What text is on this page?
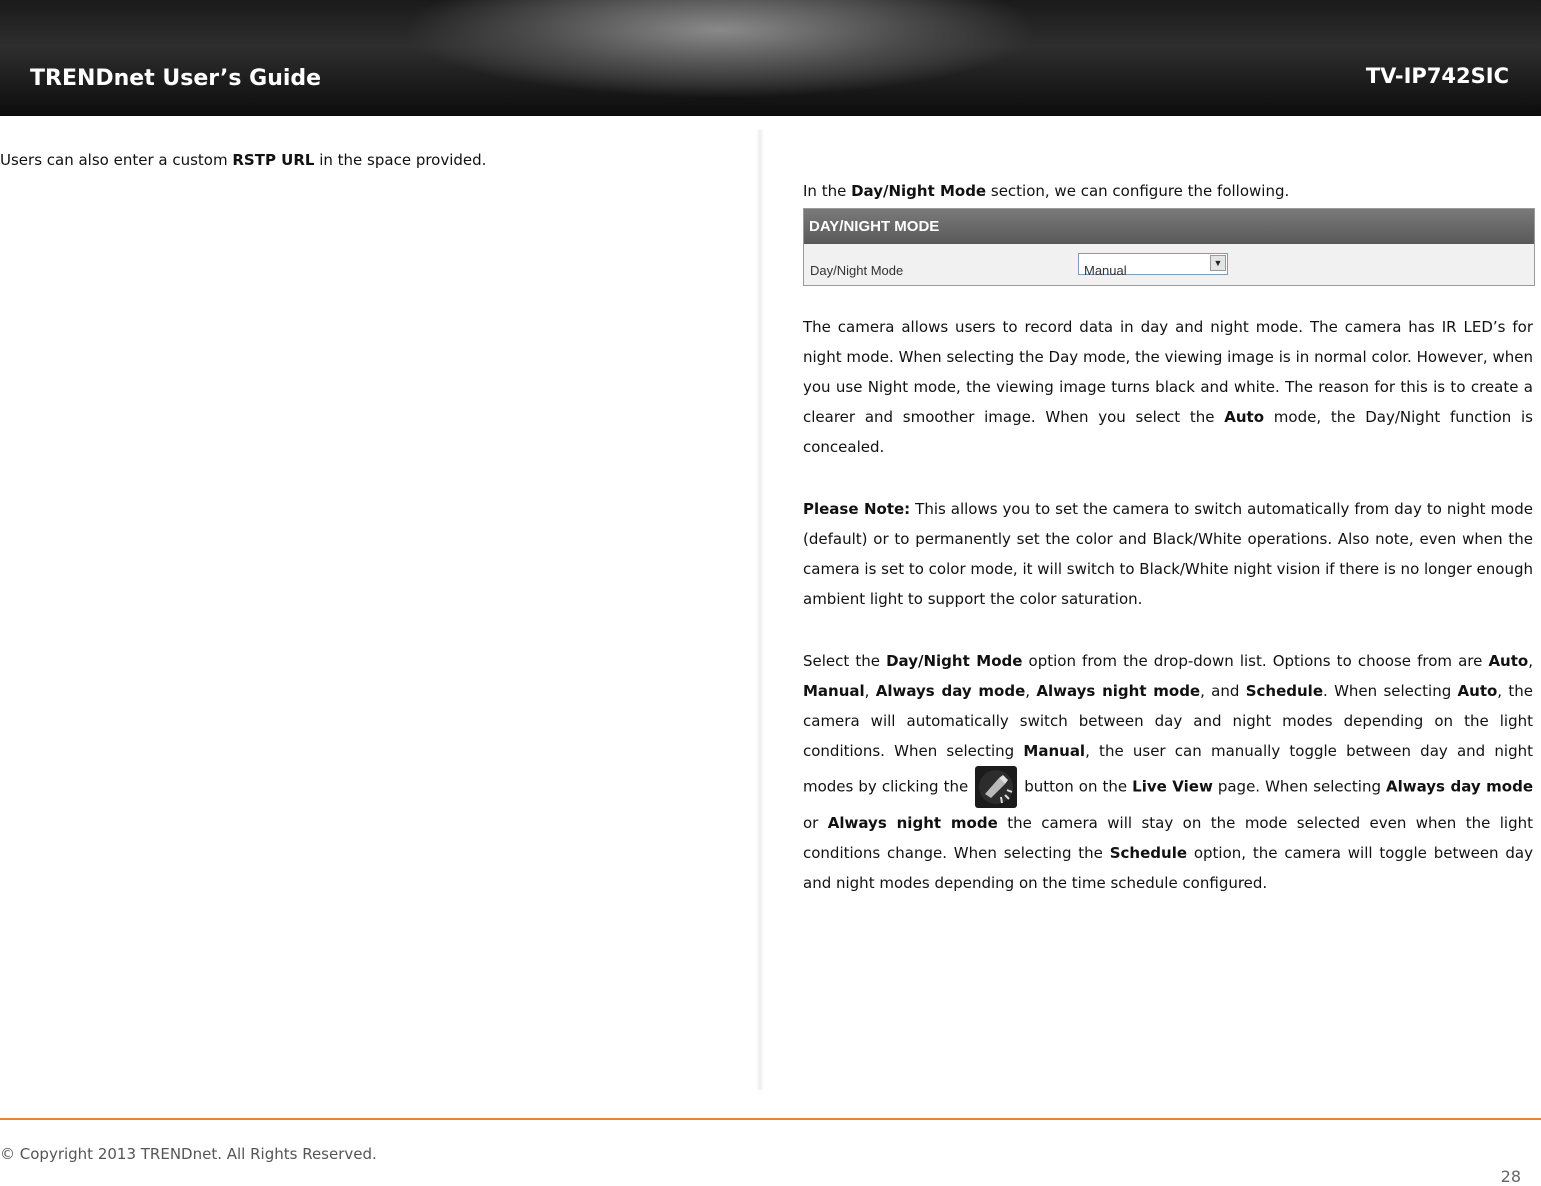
TRENDnet User’s Guide	TV-IP742SIC
Users can also enter a custom RSTP URL in the space provided.

In the Day/Night Mode section, we can configure the following.

DAY/NIGHT MODE
Day/Night Mode	Manual	▼

The camera allows users to record data in day and night mode. The camera has IR LED’s for night mode. When selecting the Day mode, the viewing image is in normal color. However, when you use Night mode, the viewing image turns black and white. The reason for this is to create a clearer and smoother image. When you select the Auto mode, the Day/Night function is concealed.

Please Note: This allows you to set the camera to switch automatically from day to night mode (default) or to permanently set the color and Black/White operations. Also note, even when the camera is set to color mode, it will switch to Black/White night vision if there is no longer enough ambient light to support the color saturation.

Select the Day/Night Mode option from the drop-down list. Options to choose from are Auto, Manual, Always day mode, Always night mode, and Schedule. When selecting Auto, the camera will automatically switch between day and night modes depending on the light conditions. When selecting Manual, the user can manually toggle between day and night modes by clicking the	button on the Live View page. When selecting Always day mode or Always night mode the camera will stay on the mode selected even when the light conditions change. When selecting the Schedule option, the camera will toggle between day and night modes depending on the time schedule configured.

© Copyright 2013 TRENDnet. All Rights Reserved.
28
